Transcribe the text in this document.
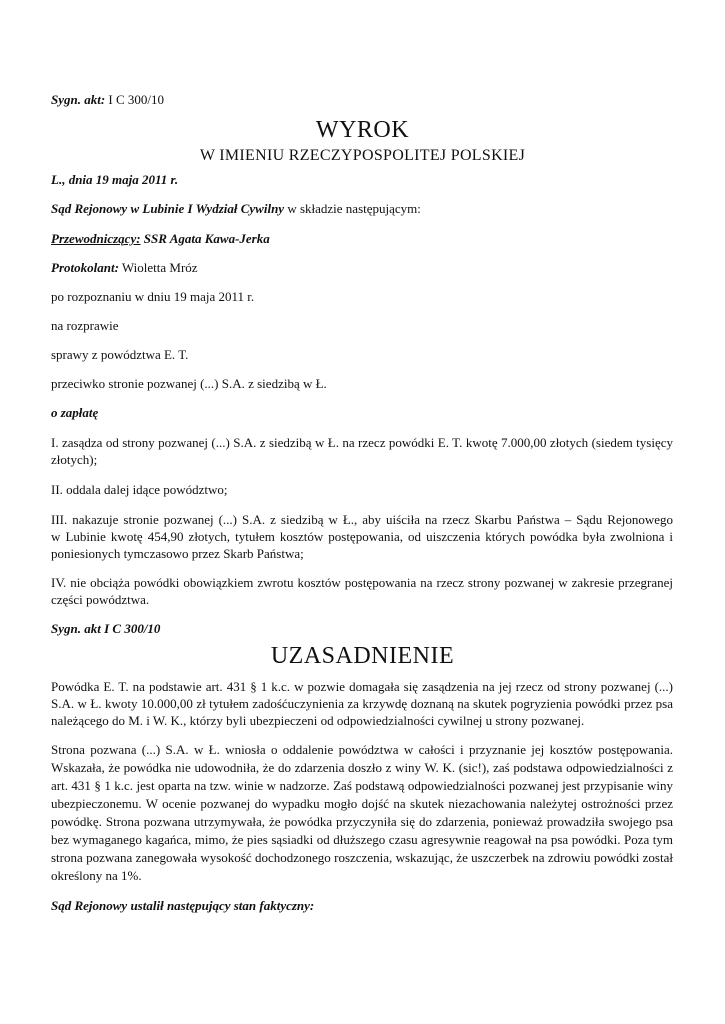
Sygn. akt: I C 300/10
WYROK
W IMIENIU RZECZYPOSPOLITEJ POLSKIEJ
L., dnia 19 maja 2011 r.
Sąd Rejonowy w Lubinie I Wydział Cywilny w składzie następującym:
Przewodniczący: SSR Agata Kawa-Jerka
Protokolant: Wioletta Mróz
po rozpoznaniu w dniu 19 maja 2011 r.
na rozprawie
sprawy z powództwa E. T.
przeciwko stronie pozwanej (...) S.A. z siedzibą w Ł.
o zapłatę
I. zasądza od strony pozwanej (...) S.A. z siedzibą w Ł. na rzecz powódki E. T. kwotę 7.000,00 złotych (siedem tysięcy
złotych);
II. oddala dalej idące powództwo;
III. nakazuje stronie pozwanej (...) S.A. z siedzibą w Ł., aby uiściła na rzecz Skarbu Państwa – Sądu Rejonowego
w Lubinie kwotę 454,90 złotych, tytułem kosztów postępowania, od uiszczenia których powódka była zwolniona i
poniesionych tymczasowo przez Skarb Państwa;
IV. nie obciąża powódki obowiązkiem zwrotu kosztów postępowania na rzecz strony pozwanej w zakresie przegranej
części powództwa.
Sygn. akt I C 300/10
UZASADNIENIE
Powódka E. T. na podstawie art. 431 § 1 k.c. w pozwie domagała się zasądzenia na jej rzecz od strony pozwanej (...)
S.A. w Ł. kwoty 10.000,00 zł tytułem zadośćuczynienia za krzywdę doznaną na skutek pogryzienia powódki przez psa
należącego do M. i W. K., którzy byli ubezpieczeni od odpowiedzialności cywilnej u strony pozwanej.
Strona pozwana (...) S.A. w Ł. wniosła o oddalenie powództwa w całości i przyznanie jej kosztów postępowania.
Wskazała, że powódka nie udowodniła, że do zdarzenia doszło z winy W. K. (sic!), zaś podstawa odpowiedzialności z
art. 431 § 1 k.c. jest oparta na tzw. winie w nadzorze. Zaś podstawą odpowiedzialności pozwanej jest przypisanie winy
ubezpieczonemu. W ocenie pozwanej do wypadku mogło dojść na skutek niezachowania należytej ostrożności przez
powódkę. Strona pozwana utrzymywała, że powódka przyczyniła się do zdarzenia, ponieważ prowadziła swojego psa
bez wymaganego kagańca, mimo, że pies sąsiadki od dłuższego czasu agresywnie reagował na psa powódki. Poza tym
strona pozwana zanegowała wysokość dochodzonego roszczenia, wskazując, że uszczerbek na zdrowiu powódki został
określony na 1%.
Sąd Rejonowy ustalił następujący stan faktyczny:
